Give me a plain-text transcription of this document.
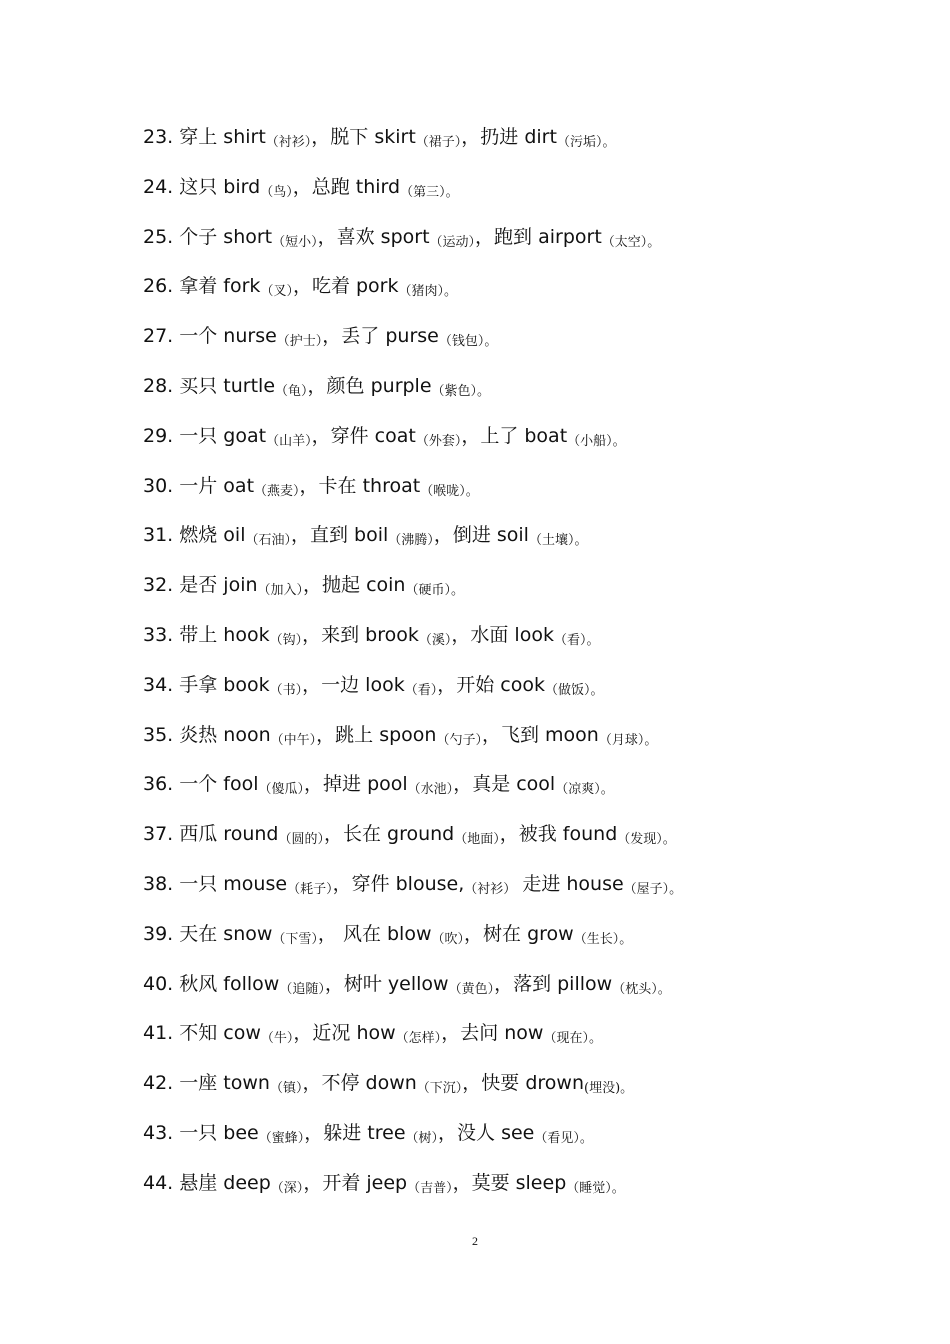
23. 穿上 shirt（衬衫），脱下 skirt（裙子），扔进 dirt（污垢）。
24. 这只 bird（鸟），总跑 third（第三）。
25. 个子 short（短小），喜欢 sport（运动），跑到 airport（太空）。
26. 拿着 fork（叉），吃着 pork（猪肉）。
27. 一个 nurse（护士），丢了 purse（钱包）。
28. 买只 turtle（龟），颜色 purple（紫色）。
29. 一只 goat（山羊），穿件 coat（外套），上了 boat（小船）。
30. 一片 oat（燕麦），卡在 throat（喉咙）。
31. 燃烧 oil（石油），直到 boil（沸腾），倒进 soil（土壤）。
32. 是否 join（加入），抛起 coin（硬币）。
33. 带上 hook（钩），来到 brook（溪），水面 look（看）。
34. 手拿 book（书），一边 look（看），开始 cook（做饭）。
35. 炎热 noon（中午），跳上 spoon（勺子），飞到 moon（月球）。
36. 一个 fool（傻瓜），掉进 pool（水池），真是 cool（凉爽）。
37. 西瓜 round（圆的），长在 ground（地面），被我 found（发现）。
38. 一只 mouse（耗子），穿件 blouse,（衬衫） 走进 house（屋子）。
39. 天在 snow（下雪）， 风在 blow（吹），树在 grow（生长）。
40. 秋风 follow（追随），树叶 yellow（黄色），落到 pillow（枕头）。
41. 不知 cow（牛），近况 how（怎样），去问 now（现在）。
42. 一座 town（镇），不停 down（下沉），快要 drown(埋没)。
43. 一只 bee（蜜蜂），躲进 tree（树），没人 see（看见）。
44. 悬崖 deep（深），开着 jeep（吉普），莫要 sleep（睡觉）。
2
